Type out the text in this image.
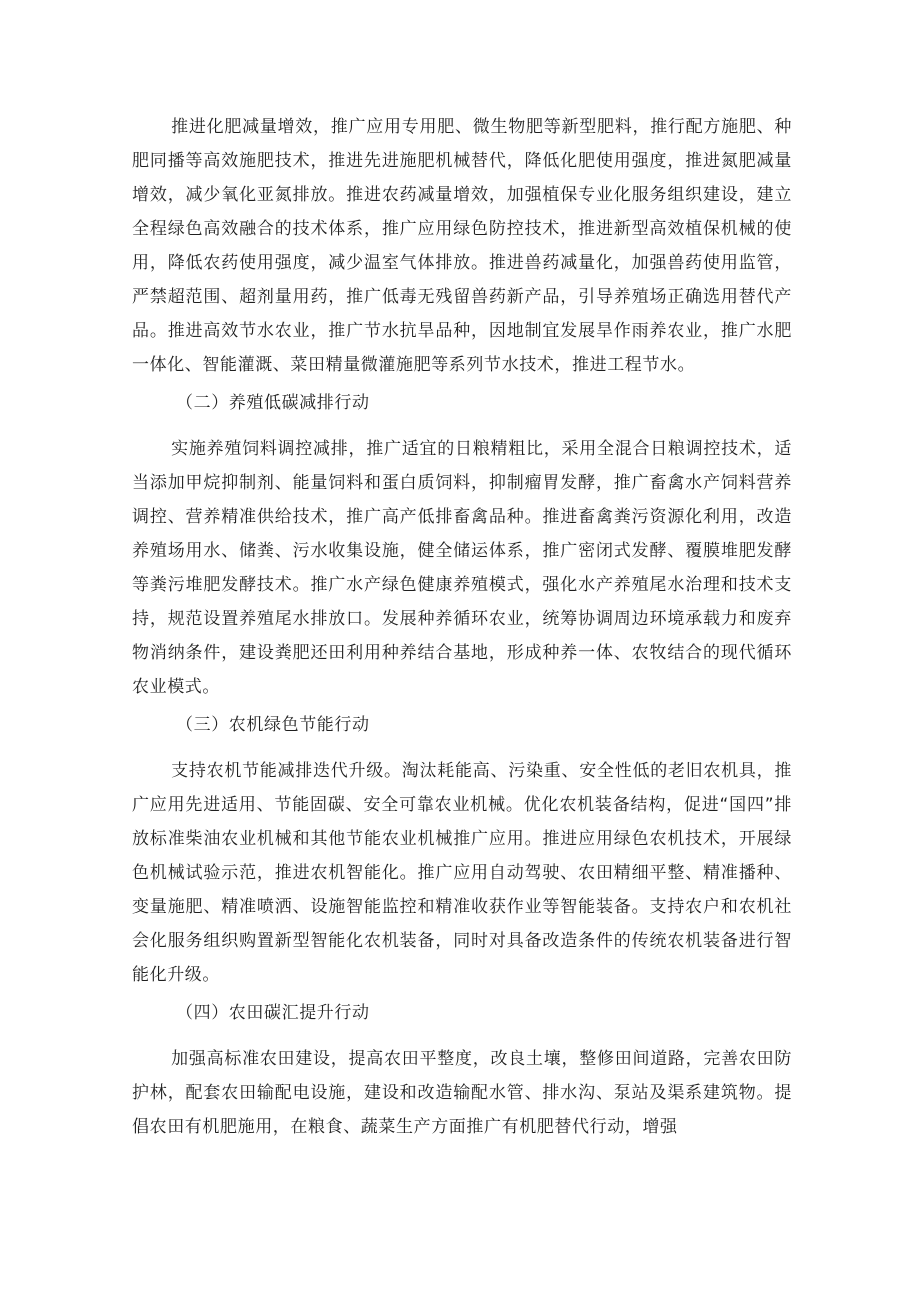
推进化肥减量增效，推广应用专用肥、微生物肥等新型肥料，推行配方施肥、种肥同播等高效施肥技术，推进先进施肥机械替代，降低化肥使用强度，推进氮肥减量增效，减少氧化亚氮排放。推进农药减量增效，加强植保专业化服务组织建设，建立全程绿色高效融合的技术体系，推广应用绿色防控技术，推进新型高效植保机械的使用，降低农药使用强度，减少温室气体排放。推进兽药减量化，加强兽药使用监管，严禁超范围、超剂量用药，推广低毒无残留兽药新产品，引导养殖场正确选用替代产品。推进高效节水农业，推广节水抗旱品种，因地制宜发展旱作雨养农业，推广水肥一体化、智能灌溉、菜田精量微灌施肥等系列节水技术，推进工程节水。

（二）养殖低碳减排行动

实施养殖饲料调控减排，推广适宜的日粮精粗比，采用全混合日粮调控技术，适当添加甲烷抑制剂、能量饲料和蛋白质饲料，抑制瘤胃发酵，推广畜禽水产饲料营养调控、营养精准供给技术，推广高产低排畜禽品种。推进畜禽粪污资源化利用，改造养殖场用水、储粪、污水收集设施，健全储运体系，推广密闭式发酵、覆膜堆肥发酵等粪污堆肥发酵技术。推广水产绿色健康养殖模式，强化水产养殖尾水治理和技术支持，规范设置养殖尾水排放口。发展种养循环农业，统筹协调周边环境承载力和废弃物消纳条件，建设粪肥还田利用种养结合基地，形成种养一体、农牧结合的现代循环农业模式。

（三）农机绿色节能行动

支持农机节能减排迭代升级。淘汰耗能高、污染重、安全性低的老旧农机具，推广应用先进适用、节能固碳、安全可靠农业机械。优化农机装备结构，促进“国四”排放标准柴油农业机械和其他节能农业机械推广应用。推进应用绿色农机技术，开展绿色机械试验示范，推进农机智能化。推广应用自动驾驶、农田精细平整、精准播种、变量施肥、精准喷洒、设施智能监控和精准收获作业等智能装备。支持农户和农机社会化服务组织购置新型智能化农机装备，同时对具备改造条件的传统农机装备进行智能化升级。

（四）农田碳汇提升行动

加强高标准农田建设，提高农田平整度，改良土壤，整修田间道路，完善农田防护林，配套农田输配电设施，建设和改造输配水管、排水沟、泵站及渠系建筑物。提倡农田有机肥施用，在粮食、蔬菜生产方面推广有机肥替代行动，增强
